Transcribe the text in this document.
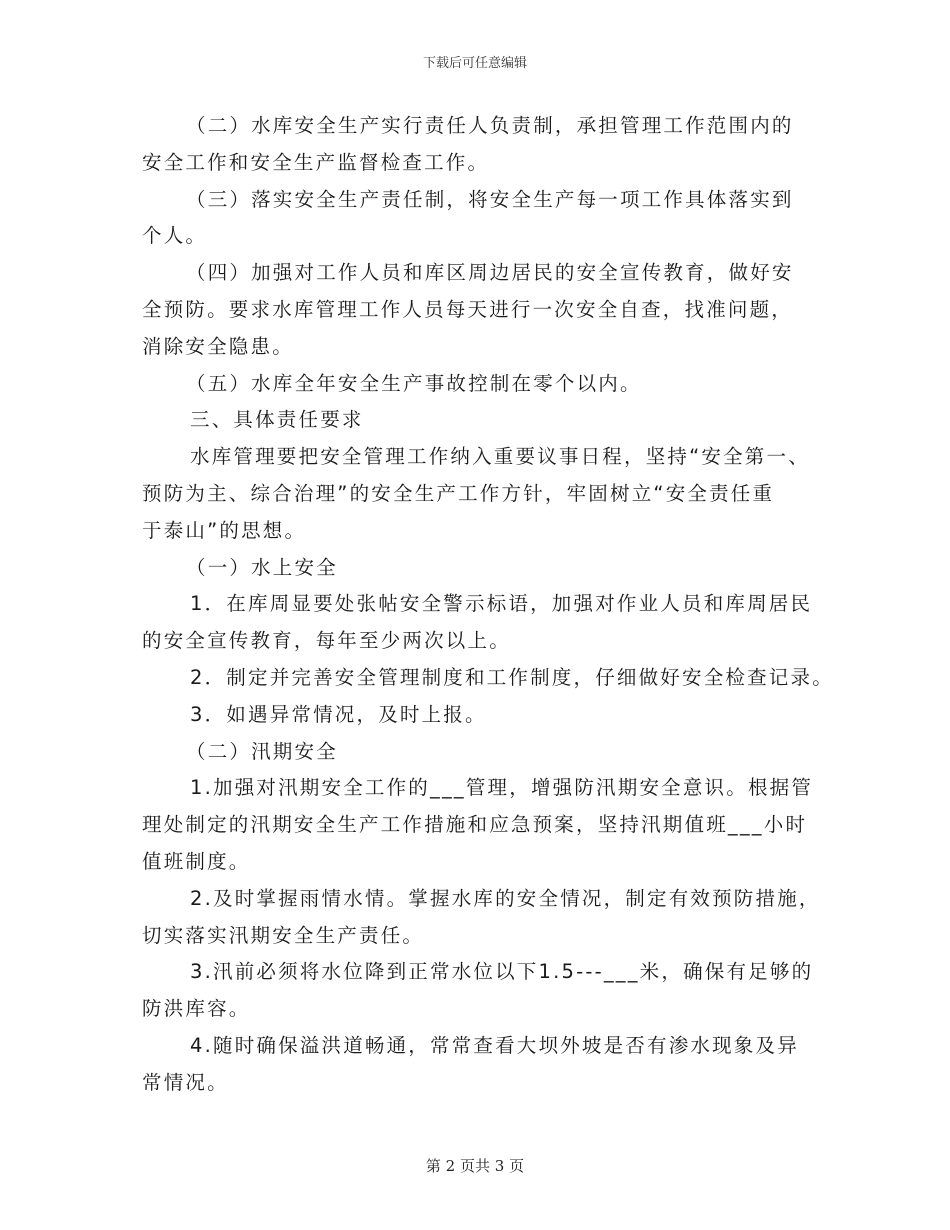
下载后可任意编辑
（二）水库安全生产实行责任人负责制，承担管理工作范围内的
安全工作和安全生产监督检查工作。
（三）落实安全生产责任制，将安全生产每一项工作具体落实到
个人。
（四）加强对工作人员和库区周边居民的安全宣传教育，做好安
全预防。要求水库管理工作人员每天进行一次安全自查，找准问题，
消除安全隐患。
（五）水库全年安全生产事故控制在零个以内。
三、具体责任要求
水库管理要把安全管理工作纳入重要议事日程，坚持“安全第一、
预防为主、综合治理”的安全生产工作方针，牢固树立“安全责任重
于泰山”的思想。
（一）水上安全
1．在库周显要处张帖安全警示标语，加强对作业人员和库周居民
的安全宣传教育，每年至少两次以上。
2．制定并完善安全管理制度和工作制度，仔细做好安全检查记录。
3．如遇异常情况，及时上报。
（二）汛期安全
1.加强对汛期安全工作的___管理，增强防汛期安全意识。根据管
理处制定的汛期安全生产工作措施和应急预案，坚持汛期值班___小时
值班制度。
2.及时掌握雨情水情。掌握水库的安全情况，制定有效预防措施，
切实落实汛期安全生产责任。
3.汛前必须将水位降到正常水位以下1.5---___米，确保有足够的
防洪库容。
4.随时确保溢洪道畅通，常常查看大坝外坡是否有渗水现象及异
常情况。
第 2 页共 3 页
